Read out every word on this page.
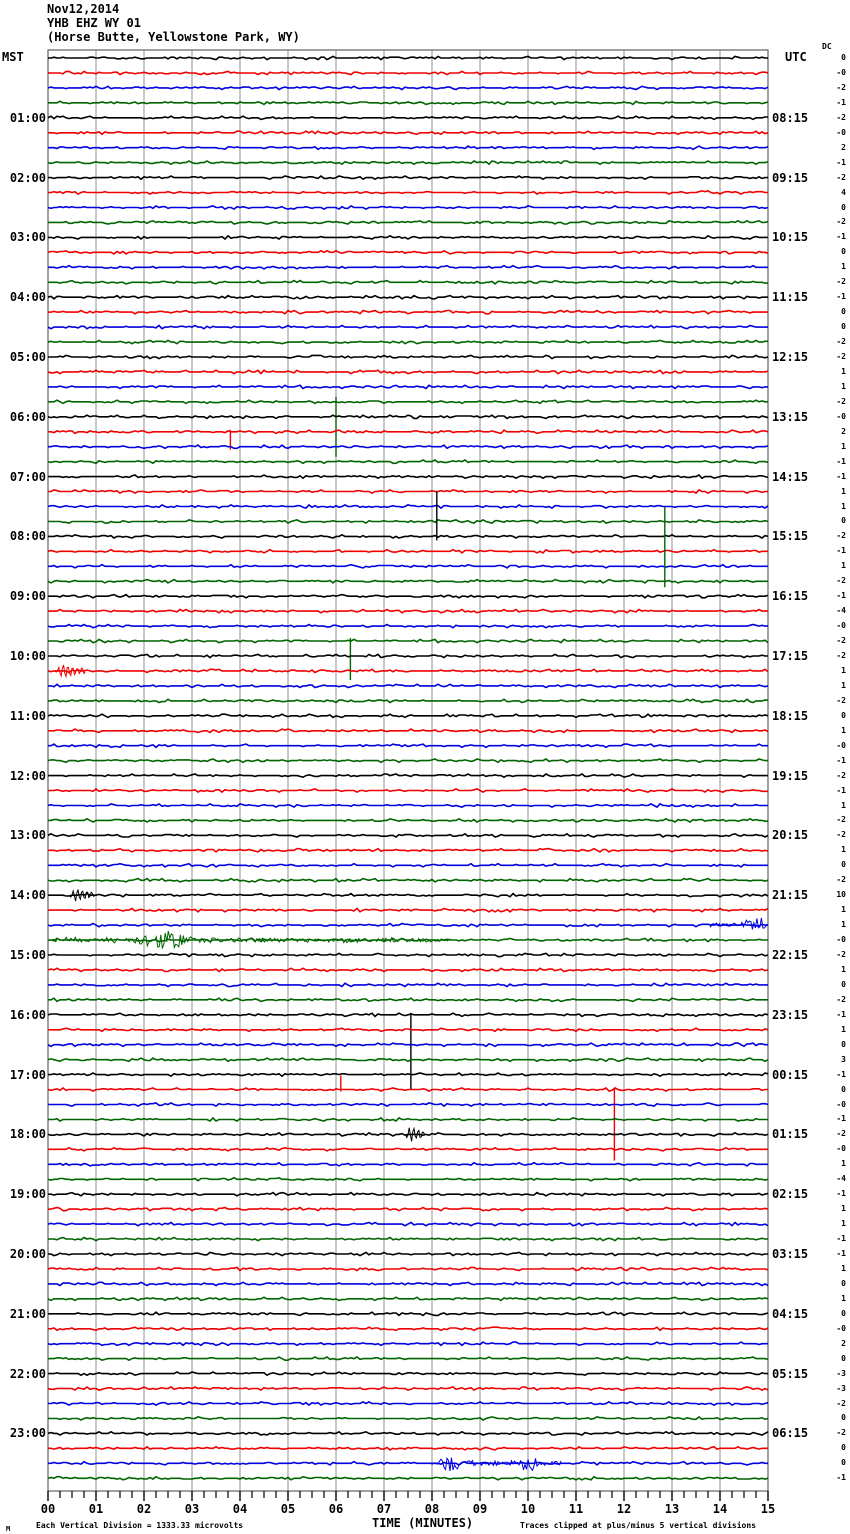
Nov12,2014
YHB EHZ WY 01
(Horse Butte, Yellowstone Park, WY)
MST	UTC
DC
0
-0
-2
-1
01:00	08:15	-2
-0
2
-1
02:00	09:15	-2
4
0
-2
03:00	10:15	-1
0
1
-2
04:00	11:15	-1
0
0
-2
05:00	12:15	-2
1
1
-2
06:00	13:15	-0
2
1
-1
07:00	14:15	-1
1
1
0
08:00	15:15	-2
-1
1
-2
09:00	16:15	-1
-4
-0
-2
10:00	17:15	-2
1
1
-2
11:00	18:15	0
1
-0
-1
12:00	19:15	-2
-1
1
-2
13:00	20:15	-2
1
0
-2
14:00	21:15	10
1
1
-0
15:00	22:15	-2
1
0
-2
16:00	23:15	-1
1
0
3
17:00	00:15	-1
0
-0
-1
18:00	01:15	-2
-0
1
-4
19:00	02:15	-1
1
1
-1
20:00	03:15	-1
1
0
1
21:00	04:15	0
-0
2
0
22:00	05:15	-3
-3
-2
0
23:00	06:15	-2
0
0
-1
00	01	02	03	04	05	06	07	08	09	10	11	12	13	14	15
M	Each Vertical Division = 1333.33 microvolts	TIME (MINUTES)	Traces clipped at plus/minus 5 vertical divisions
